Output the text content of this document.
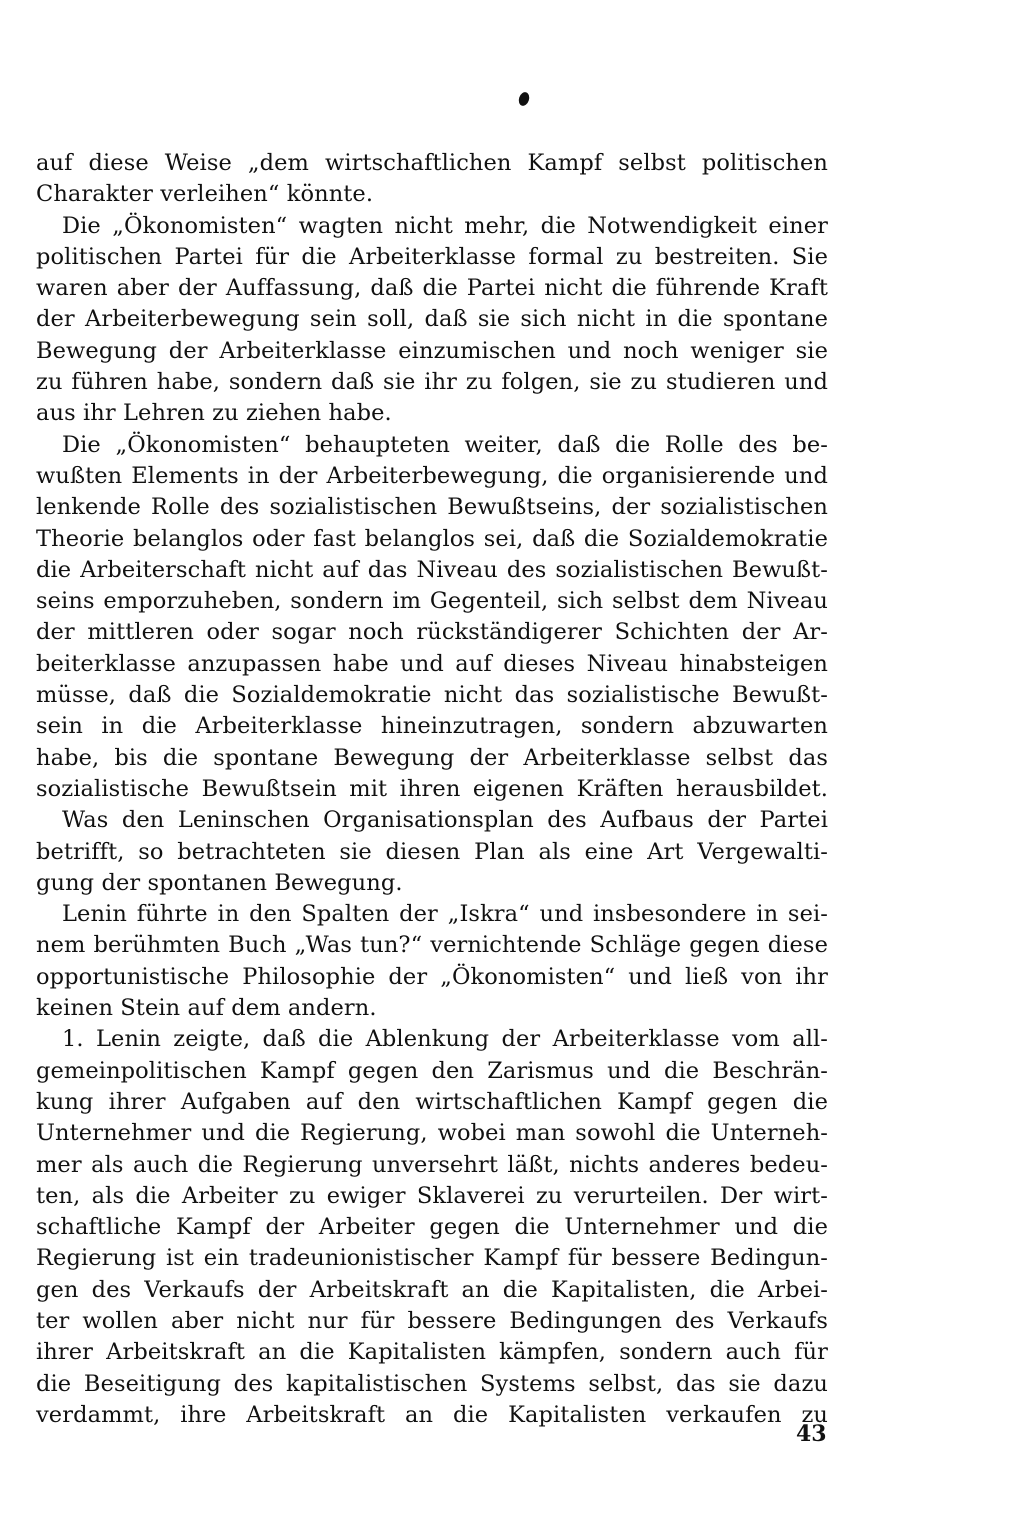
auf diese Weise „dem wirtschaftlichen Kampf selbst politischen
Charakter verleihen“ könnte.
Die „Ökonomisten“ wagten nicht mehr, die Notwendigkeit einer
politischen Partei für die Arbeiterklasse formal zu bestreiten. Sie
waren aber der Auffassung, daß die Partei nicht die führende Kraft
der Arbeiterbewegung sein soll, daß sie sich nicht in die spontane
Bewegung der Arbeiterklasse einzumischen und noch weniger sie
zu führen habe, sondern daß sie ihr zu folgen, sie zu studieren und
aus ihr Lehren zu ziehen habe.
Die „Ökonomisten“ behaupteten weiter, daß die Rolle des be-
wußten Elements in der Arbeiterbewegung, die organisierende und
lenkende Rolle des sozialistischen Bewußtseins, der sozialistischen
Theorie belanglos oder fast belanglos sei, daß die Sozialdemokratie
die Arbeiterschaft nicht auf das Niveau des sozialistischen Bewußt-
seins emporzuheben, sondern im Gegenteil, sich selbst dem Niveau
der mittleren oder sogar noch rückständigerer Schichten der Ar-
beiterklasse anzupassen habe und auf dieses Niveau hinabsteigen
müsse, daß die Sozialdemokratie nicht das sozialistische Bewußt-
sein in die Arbeiterklasse hineinzutragen, sondern abzuwarten
habe, bis die spontane Bewegung der Arbeiterklasse selbst das
sozialistische Bewußtsein mit ihren eigenen Kräften herausbildet.
Was den Leninschen Organisationsplan des Aufbaus der Partei
betrifft, so betrachteten sie diesen Plan als eine Art Vergewalti-
gung der spontanen Bewegung.
Lenin führte in den Spalten der „Iskra“ und insbesondere in sei-
nem berühmten Buch „Was tun?“ vernichtende Schläge gegen diese
opportunistische Philosophie der „Ökonomisten“ und ließ von ihr
keinen Stein auf dem andern.
1. Lenin zeigte, daß die Ablenkung der Arbeiterklasse vom all-
gemeinpolitischen Kampf gegen den Zarismus und die Beschrän-
kung ihrer Aufgaben auf den wirtschaftlichen Kampf gegen die
Unternehmer und die Regierung, wobei man sowohl die Unterneh-
mer als auch die Regierung unversehrt läßt, nichts anderes bedeu-
ten, als die Arbeiter zu ewiger Sklaverei zu verurteilen. Der wirt-
schaftliche Kampf der Arbeiter gegen die Unternehmer und die
Regierung ist ein tradeunionistischer Kampf für bessere Bedingun-
gen des Verkaufs der Arbeitskraft an die Kapitalisten, die Arbei-
ter wollen aber nicht nur für bessere Bedingungen des Verkaufs
ihrer Arbeitskraft an die Kapitalisten kämpfen, sondern auch für
die Beseitigung des kapitalistischen Systems selbst, das sie dazu
verdammt, ihre Arbeitskraft an die Kapitalisten verkaufen zu
43
